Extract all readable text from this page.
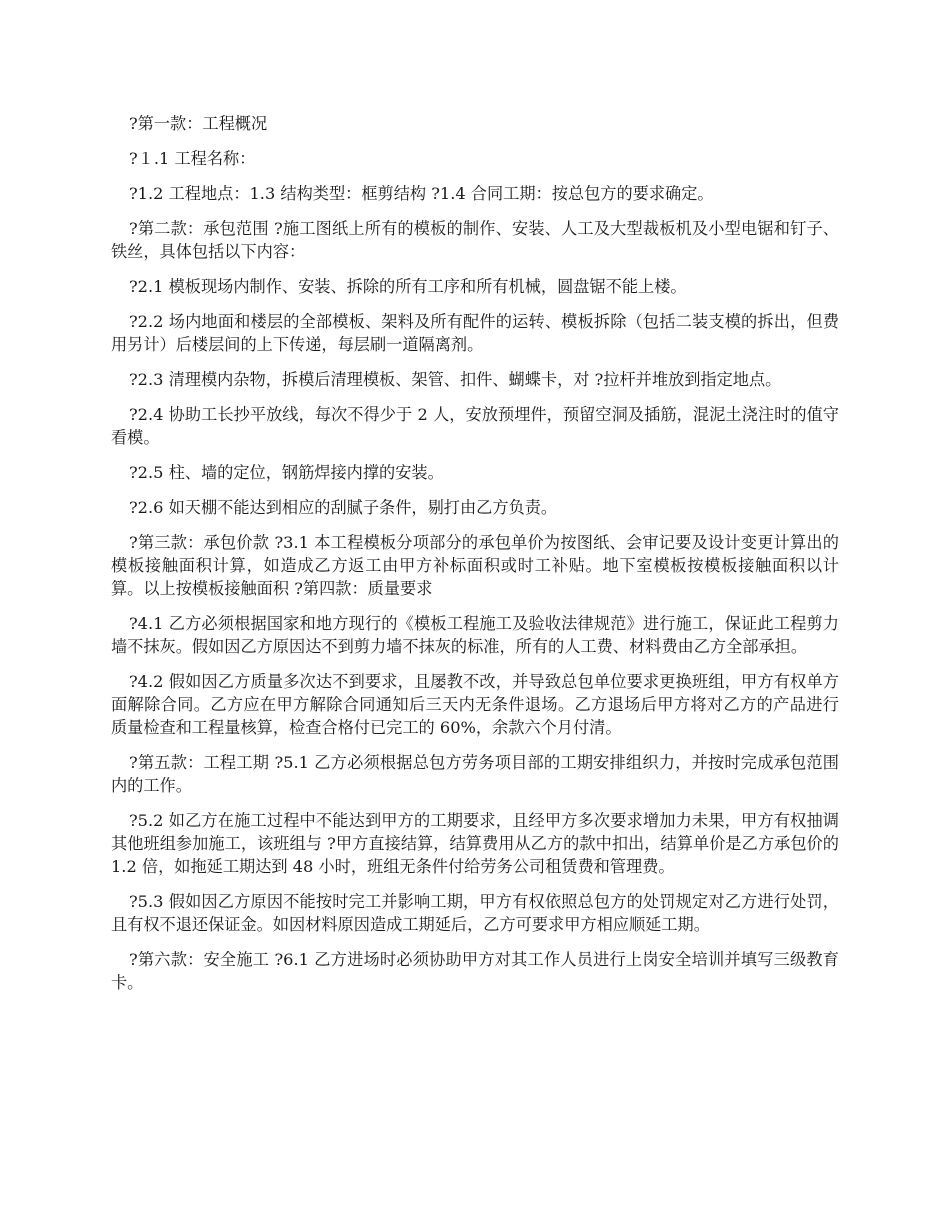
?第一款：工程概况

?１.1 工程名称：

?1.2 工程地点：1.3 结构类型：框剪结构 ?1.4 合同工期：按总包方的要求确定。

?第二款：承包范围 ?施工图纸上所有的模板的制作、安装、人工及大型裁板机及小型电锯和钉子、铁丝，具体包括以下内容：

?2.1 模板现场内制作、安装、拆除的所有工序和所有机械，圆盘锯不能上楼。

?2.2 场内地面和楼层的全部模板、架料及所有配件的运转、模板拆除（包括二装支模的拆出，但费用另计）后楼层间的上下传递，每层刷一道隔离剂。

?2.3 清理模内杂物，拆模后清理模板、架管、扣件、蝴蝶卡，对 ?拉杆并堆放到指定地点。

?2.4 协助工长抄平放线，每次不得少于 2 人，安放预埋件，预留空洞及插筋，混泥土浇注时的值守看模。

?2.5 柱、墙的定位，钢筋焊接内撑的安装。

?2.6 如天棚不能达到相应的刮腻子条件，剔打由乙方负责。

?第三款：承包价款 ?3.1 本工程模板分项部分的承包单价为按图纸、会审记要及设计变更计算出的模板接触面积计算，如造成乙方返工由甲方补标面积或时工补贴。地下室模板按模板接触面积以计算。以上按模板接触面积 ?第四款：质量要求

?4.1 乙方必须根据国家和地方现行的《模板工程施工及验收法律规范》进行施工，保证此工程剪力墙不抹灰。假如因乙方原因达不到剪力墙不抹灰的标准，所有的人工费、材料费由乙方全部承担。

?4.2 假如因乙方质量多次达不到要求，且屡教不改，并导致总包单位要求更换班组，甲方有权单方面解除合同。乙方应在甲方解除合同通知后三天内无条件退场。乙方退场后甲方将对乙方的产品进行质量检查和工程量核算，检查合格付已完工的 60%，余款六个月付清。

?第五款：工程工期 ?5.1 乙方必须根据总包方劳务项目部的工期安排组织力，并按时完成承包范围内的工作。

?5.2 如乙方在施工过程中不能达到甲方的工期要求，且经甲方多次要求增加力未果，甲方有权抽调其他班组参加施工，该班组与 ?甲方直接结算，结算费用从乙方的款中扣出，结算单价是乙方承包价的 1.2 倍，如拖延工期达到 48 小时，班组无条件付给劳务公司租赁费和管理费。

?5.3 假如因乙方原因不能按时完工并影响工期，甲方有权依照总包方的处罚规定对乙方进行处罚，且有权不退还保证金。如因材料原因造成工期延后，乙方可要求甲方相应顺延工期。

?第六款：安全施工 ?6.1 乙方进场时必须协助甲方对其工作人员进行上岗安全培训并填写三级教育卡。
